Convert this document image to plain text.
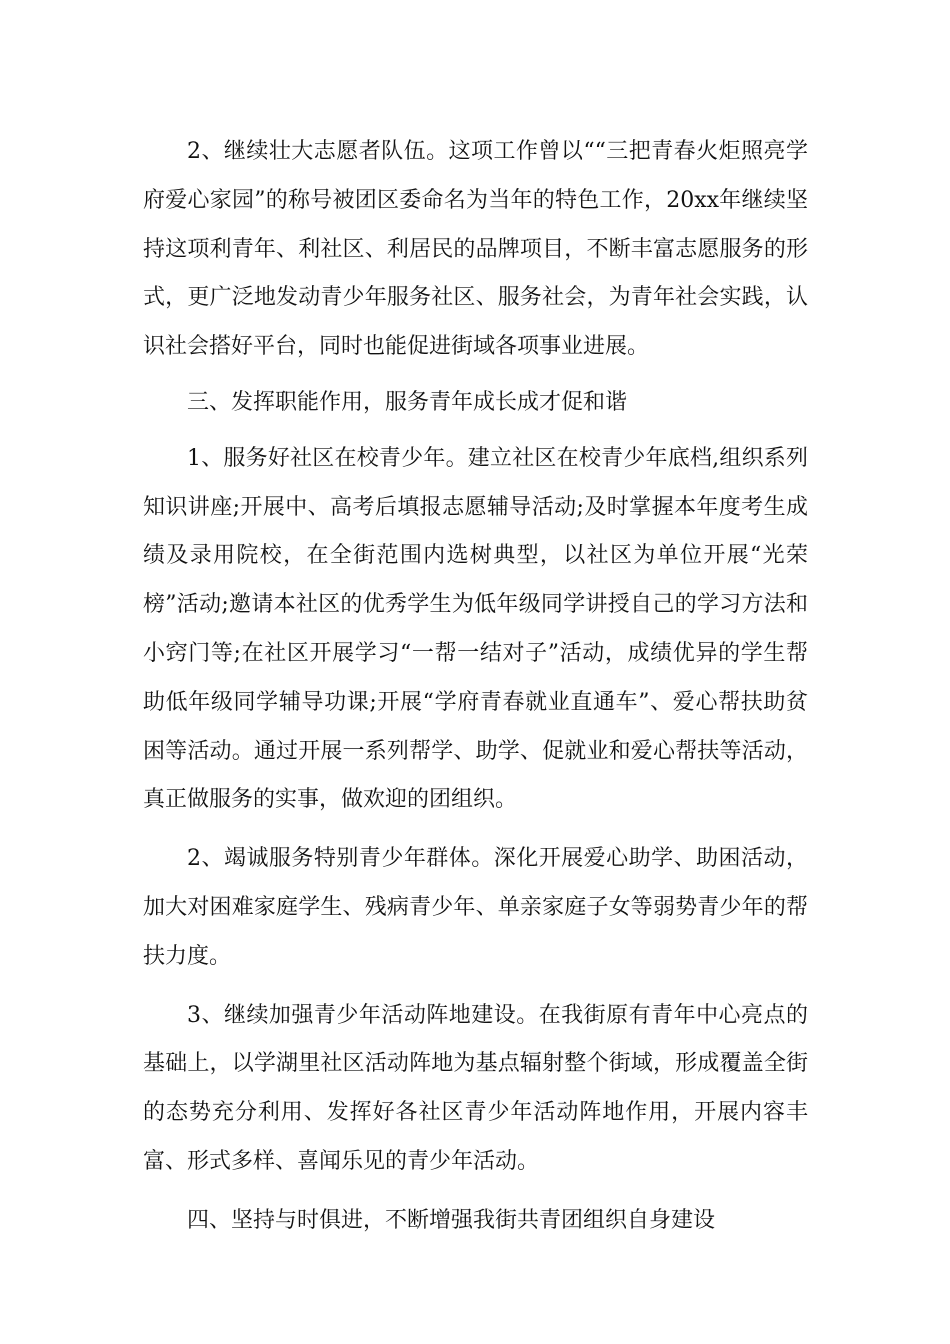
2、继续壮大志愿者队伍。这项工作曾以““三把青春火炬照亮学府爱心家园”的称号被团区委命名为当年的特色工作，20xx年继续坚持这项利青年、利社区、利居民的品牌项目，不断丰富志愿服务的形式，更广泛地发动青少年服务社区、服务社会，为青年社会实践，认识社会搭好平台，同时也能促进街域各项事业进展。

三、发挥职能作用，服务青年成长成才促和谐

1、服务好社区在校青少年。建立社区在校青少年底档,组织系列知识讲座;开展中、高考后填报志愿辅导活动;及时掌握本年度考生成绩及录用院校，在全街范围内选树典型，以社区为单位开展“光荣榜”活动;邀请本社区的优秀学生为低年级同学讲授自己的学习方法和小窍门等;在社区开展学习“一帮一结对子”活动，成绩优异的学生帮助低年级同学辅导功课;开展“学府青春就业直通车”、爱心帮扶助贫困等活动。通过开展一系列帮学、助学、促就业和爱心帮扶等活动，真正做服务的实事，做欢迎的团组织。

2、竭诚服务特别青少年群体。深化开展爱心助学、助困活动，加大对困难家庭学生、残病青少年、单亲家庭子女等弱势青少年的帮扶力度。

3、继续加强青少年活动阵地建设。在我街原有青年中心亮点的基础上，以学湖里社区活动阵地为基点辐射整个街域，形成覆盖全街的态势充分利用、发挥好各社区青少年活动阵地作用，开展内容丰富、形式多样、喜闻乐见的青少年活动。

四、坚持与时俱进，不断增强我街共青团组织自身建设
